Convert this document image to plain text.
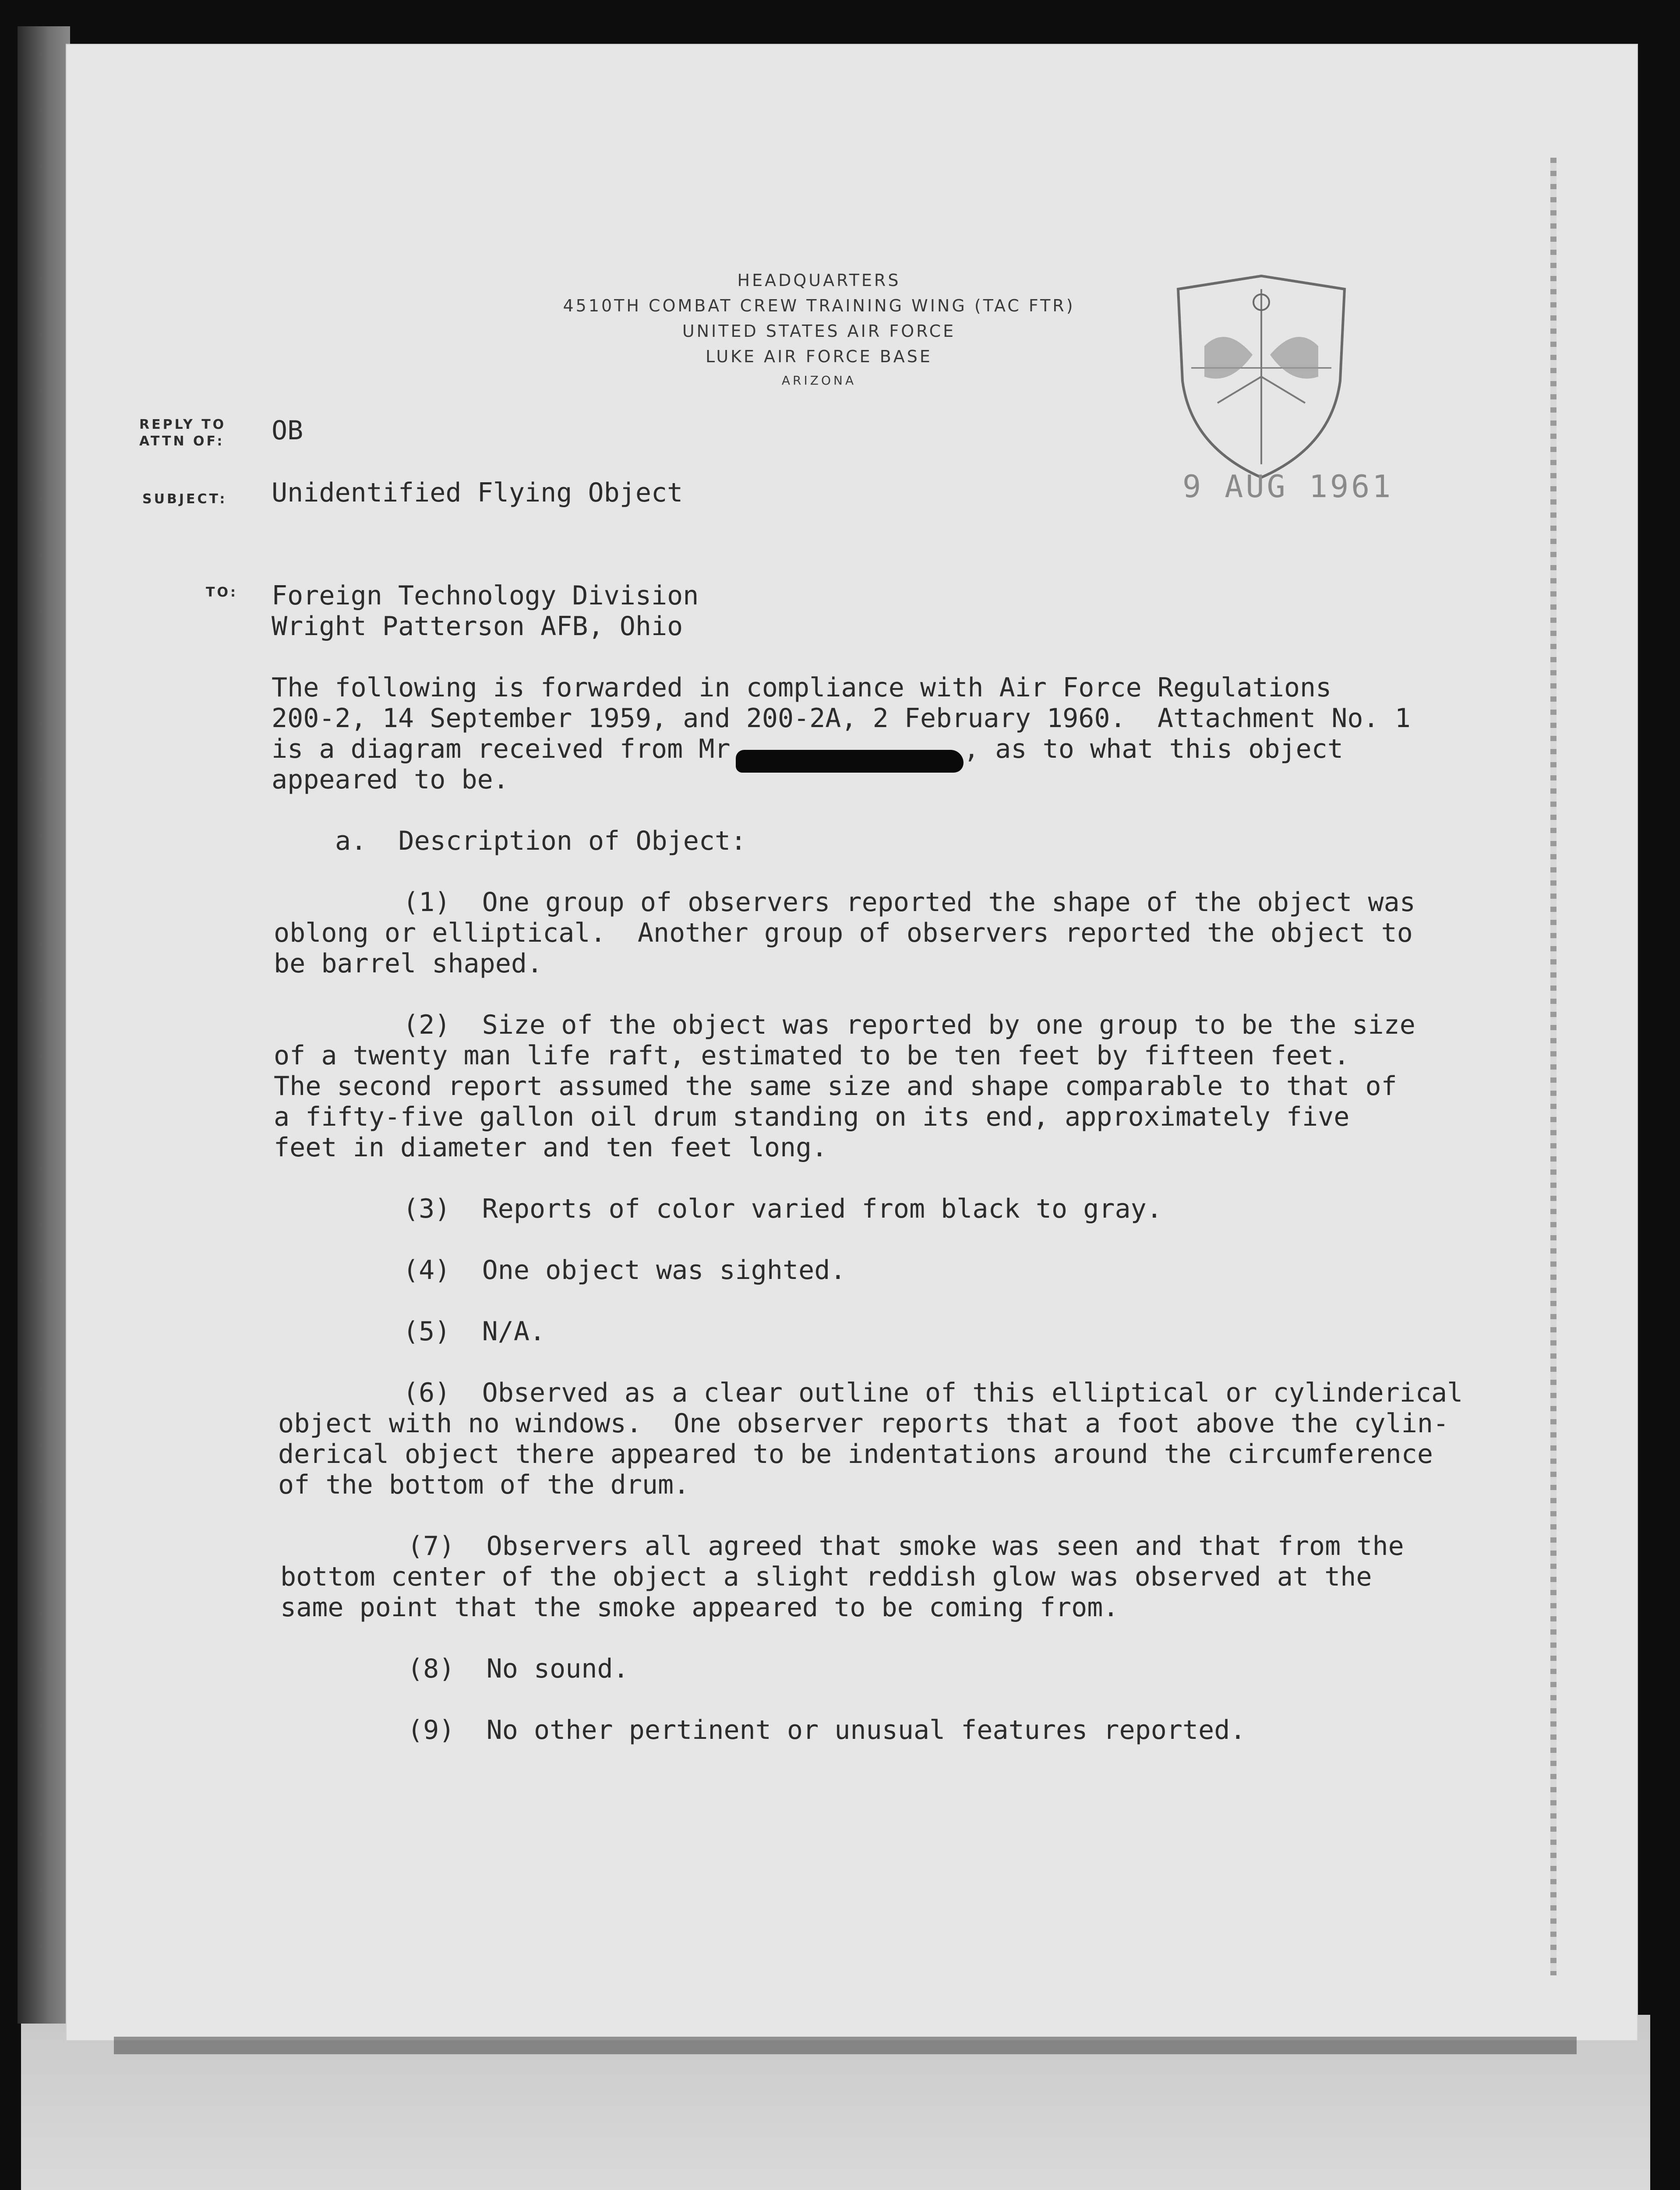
HEADQUARTERS
4510TH COMBAT CREW TRAINING WING (TAC FTR)
UNITED STATES AIR FORCE
LUKE AIR FORCE BASE
ARIZONA
9 AUG 1961
REPLY TO
ATTN OF: OB
SUBJECT: Unidentified Flying Object
TO: Foreign Technology Division
Wright Patterson AFB, Ohio
The following is forwarded in compliance with Air Force Regulations
200-2, 14 September 1959, and 200-2A, 2 February 1960.  Attachment No. 1
is a diagram received from Mr	, as to what this object
appeared to be.
a.  Description of Object:
(1)  One group of observers reported the shape of the object was
oblong or elliptical.  Another group of observers reported the object to
be barrel shaped.
(2)  Size of the object was reported by one group to be the size
of a twenty man life raft, estimated to be ten feet by fifteen feet.
The second report assumed the same size and shape comparable to that of
a fifty-five gallon oil drum standing on its end, approximately five
feet in diameter and ten feet long.
(3)  Reports of color varied from black to gray.
(4)  One object was sighted.
(5)  N/A.
(6)  Observed as a clear outline of this elliptical or cylinderical
object with no windows.  One observer reports that a foot above the cylin-
derical object there appeared to be indentations around the circumference
of the bottom of the drum.
(7)  Observers all agreed that smoke was seen and that from the
bottom center of the object a slight reddish glow was observed at the
same point that the smoke appeared to be coming from.
(8)  No sound.
(9)  No other pertinent or unusual features reported.
